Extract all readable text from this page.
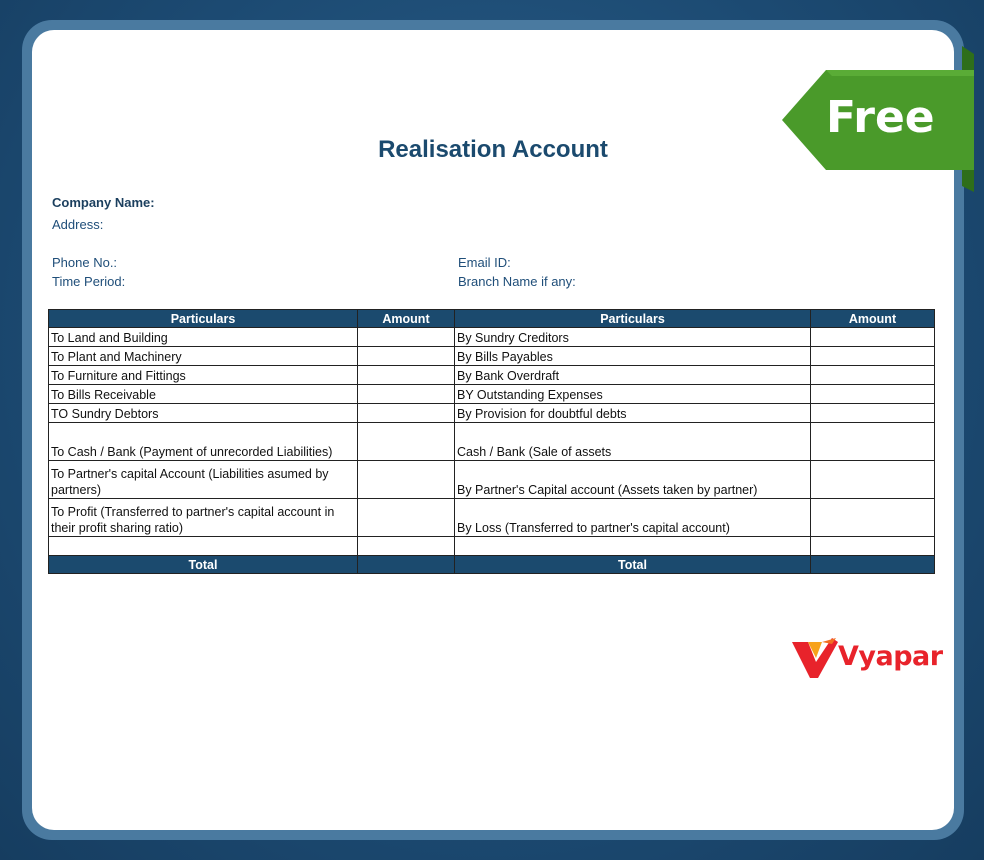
Realisation Account
Company Name:
Address:
Phone No.:
Time Period:
Email ID:
Branch Name if any:
Particulars	Amount	Particulars	Amount
To Land and Building		By Sundry Creditors	
To Plant and Machinery		By Bills Payables	
To Furniture and Fittings		By Bank Overdraft	
To Bills Receivable		BY Outstanding Expenses	
TO Sundry Debtors		By Provision for doubtful debts	
To Cash / Bank (Payment of unrecorded Liabilities)		Cash / Bank (Sale of assets	
To Partner's capital Account (Liabilities asumed by partners)		By Partner's Capital account (Assets taken by partner)	
To Profit (Transferred to partner's capital account in their profit sharing ratio)		By Loss (Transferred to partner's capital account)	

Total		Total	
Free
Vyapar
